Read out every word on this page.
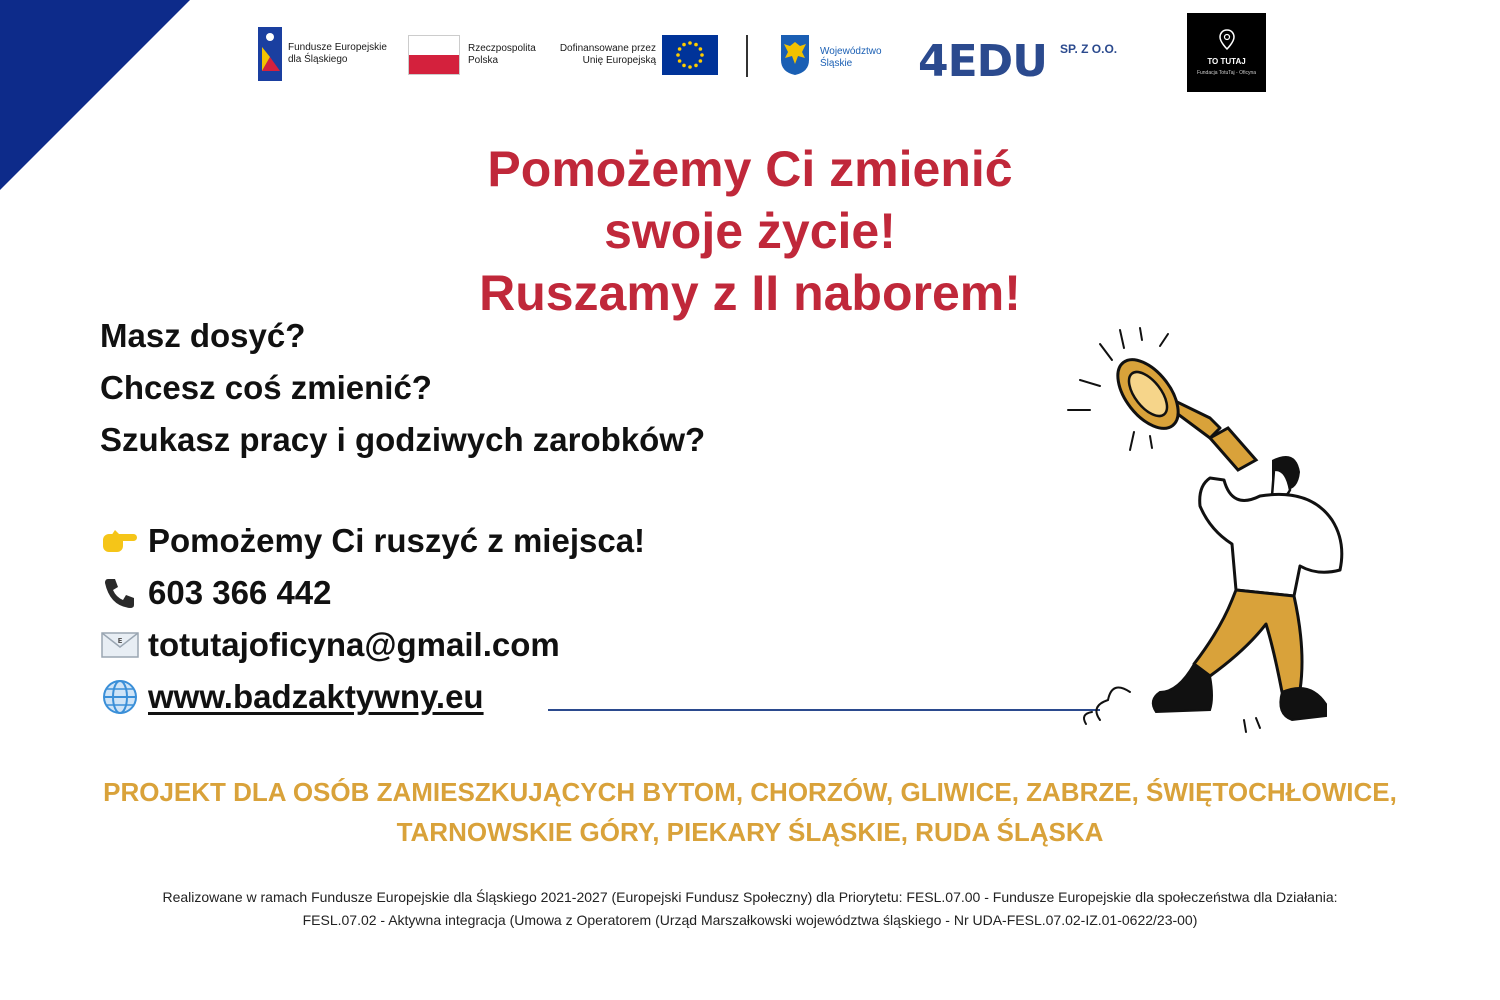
Fundusze Europejskie dla Śląskiego
Rzeczpospolita Polska
Dofinansowane przez Unię Europejską
Województwo Śląskie	4EDU SP. Z O.O.
TO TUTAJ
Fundacja TotuTaj - Oficyna
Pomożemy Ci zmienić
swoje życie!
Ruszamy z II naborem!
Masz dosyć?
Chcesz coś zmienić?
Szukasz pracy i godziwych zarobków?
Pomożemy Ci ruszyć z miejsca!
603 366 442
E totutajoficyna@gmail.com
www.badzaktywny.eu
PROJEKT DLA OSÓB ZAMIESZKUJĄCYCH BYTOM, CHORZÓW, GLIWICE, ZABRZE, ŚWIĘTOCHŁOWICE,
TARNOWSKIE GÓRY, PIEKARY ŚLĄSKIE, RUDA ŚLĄSKA
Realizowane w ramach Fundusze Europejskie dla Śląskiego 2021-2027 (Europejski Fundusz Społeczny) dla Priorytetu: FESL.07.00 - Fundusze Europejskie dla społeczeństwa dla Działania: FESL.07.02 - Aktywna integracja (Umowa z Operatorem (Urząd Marszałkowski województwa śląskiego - Nr UDA-FESL.07.02-IZ.01-0622/23-00)
